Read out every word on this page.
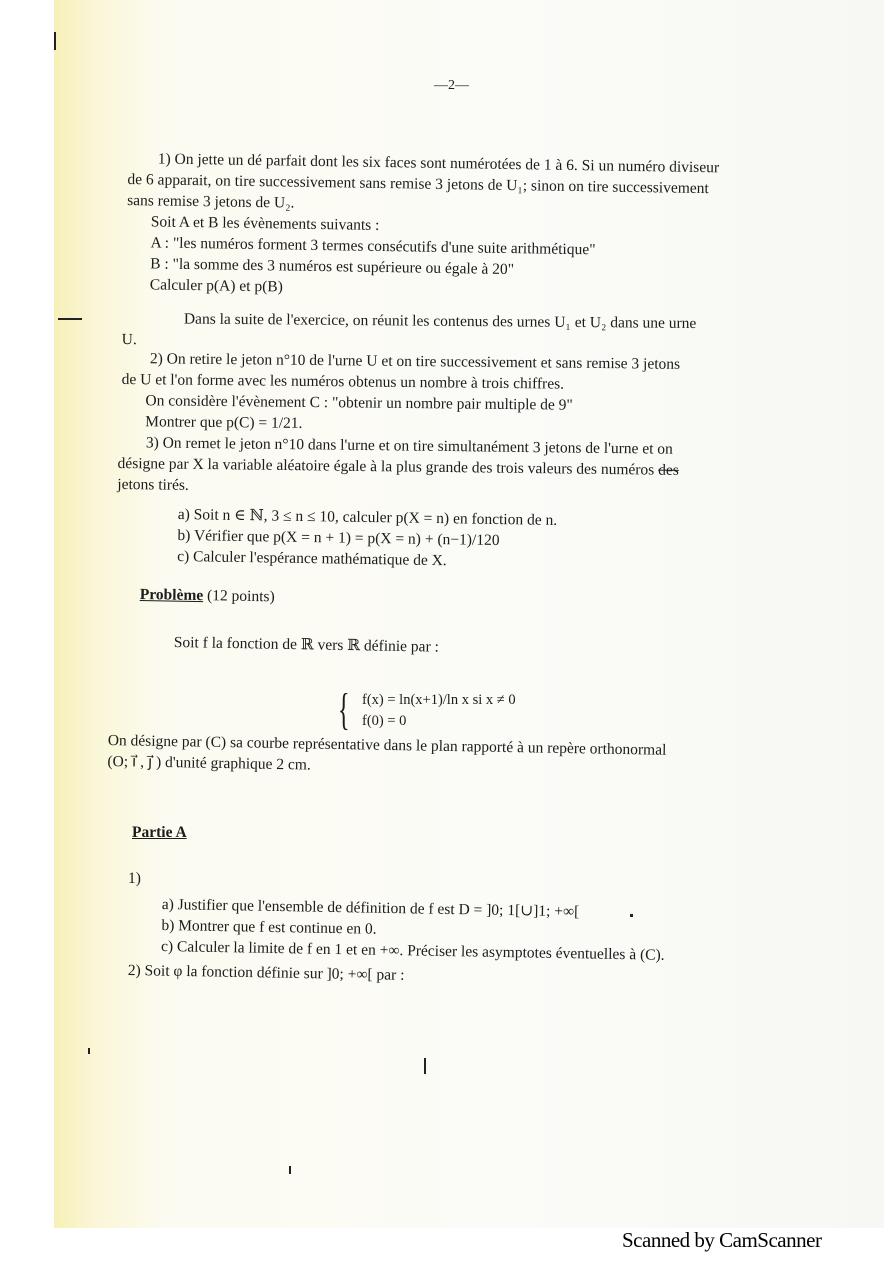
—2—
1) On jette un dé parfait dont les six faces sont numérotées de 1 à 6. Si un numéro diviseur
de 6 apparait, on tire successivement sans remise 3 jetons de U₁; sinon on tire successivement
sans remise 3 jetons de U₂.
Soit A et B les évènements suivants :
A : "les numéros forment 3 termes consécutifs d'une suite arithmétique"
B : "la somme des 3 numéros est supérieure ou égale à 20"
Calculer p(A) et p(B)
Dans la suite de l'exercice, on réunit les contenus des urnes U₁ et U₂ dans une urne
U.
2) On retire le jeton n°10 de l'urne U et on tire successivement et sans remise 3 jetons
de U et l'on forme avec les numéros obtenus un nombre à trois chiffres.
On considère l'évènement C : "obtenir un nombre pair multiple de 9"
Montrer que p(C) = 1/21.
3) On remet le jeton n°10 dans l'urne et on tire simultanément 3 jetons de l'urne et on
désigne par X la variable aléatoire égale à la plus grande des trois valeurs des numéros des
jetons tirés.
a) Soit n ∈ ℕ, 3 ≤ n ≤ 10, calculer p(X = n) en fonction de n.
b) Vérifier que p(X = n + 1) = p(X = n) + (n−1)/120
c) Calculer l'espérance mathématique de X.
Problème (12 points)
Soit f la fonction de ℝ vers ℝ définie par :
{ f(x) = ln(x+1)/ln x si x ≠ 0
f(0) = 0
On désigne par (C) sa courbe représentative dans le plan rapporté à un repère orthonormal
(O; i⃗ , j⃗ ) d'unité graphique 2 cm.
Partie A
1)
a) Justifier que l'ensemble de définition de f est D = ]0; 1[∪]1; +∞[
b) Montrer que f est continue en 0.
c) Calculer la limite de f en 1 et en +∞. Préciser les asymptotes éventuelles à (C).
2) Soit φ la fonction définie sur ]0; +∞[ par :
Scanned by CamScanner
